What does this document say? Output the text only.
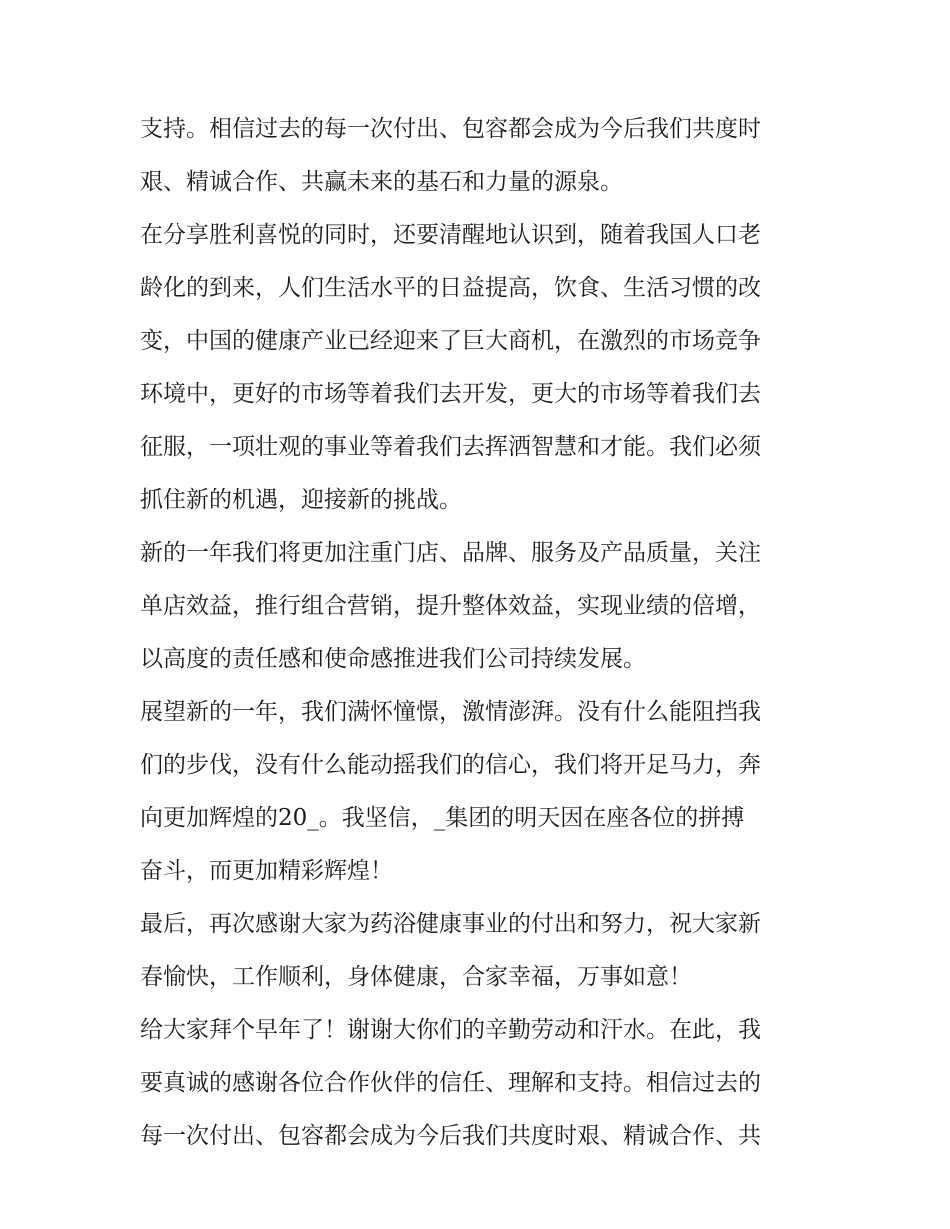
支持。相信过去的每一次付出、包容都会成为今后我们共度时
艰、精诚合作、共赢未来的基石和力量的源泉。
在分享胜利喜悦的同时，还要清醒地认识到，随着我国人口老
龄化的到来，人们生活水平的日益提高，饮食、生活习惯的改
变，中国的健康产业已经迎来了巨大商机，在激烈的市场竞争
环境中，更好的市场等着我们去开发，更大的市场等着我们去
征服，一项壮观的事业等着我们去挥洒智慧和才能。我们必须
抓住新的机遇，迎接新的挑战。
新的一年我们将更加注重门店、品牌、服务及产品质量，关注
单店效益，推行组合营销，提升整体效益，实现业绩的倍增，
以高度的责任感和使命感推进我们公司持续发展。
展望新的一年，我们满怀憧憬，激情澎湃。没有什么能阻挡我
们的步伐，没有什么能动摇我们的信心，我们将开足马力，奔
向更加辉煌的20_。我坚信，_集团的明天因在座各位的拼搏
奋斗，而更加精彩辉煌！
最后，再次感谢大家为药浴健康事业的付出和努力，祝大家新
春愉快，工作顺利，身体健康，合家幸福，万事如意！
给大家拜个早年了！谢谢大你们的辛勤劳动和汗水。在此，我
要真诚的感谢各位合作伙伴的信任、理解和支持。相信过去的
每一次付出、包容都会成为今后我们共度时艰、精诚合作、共
